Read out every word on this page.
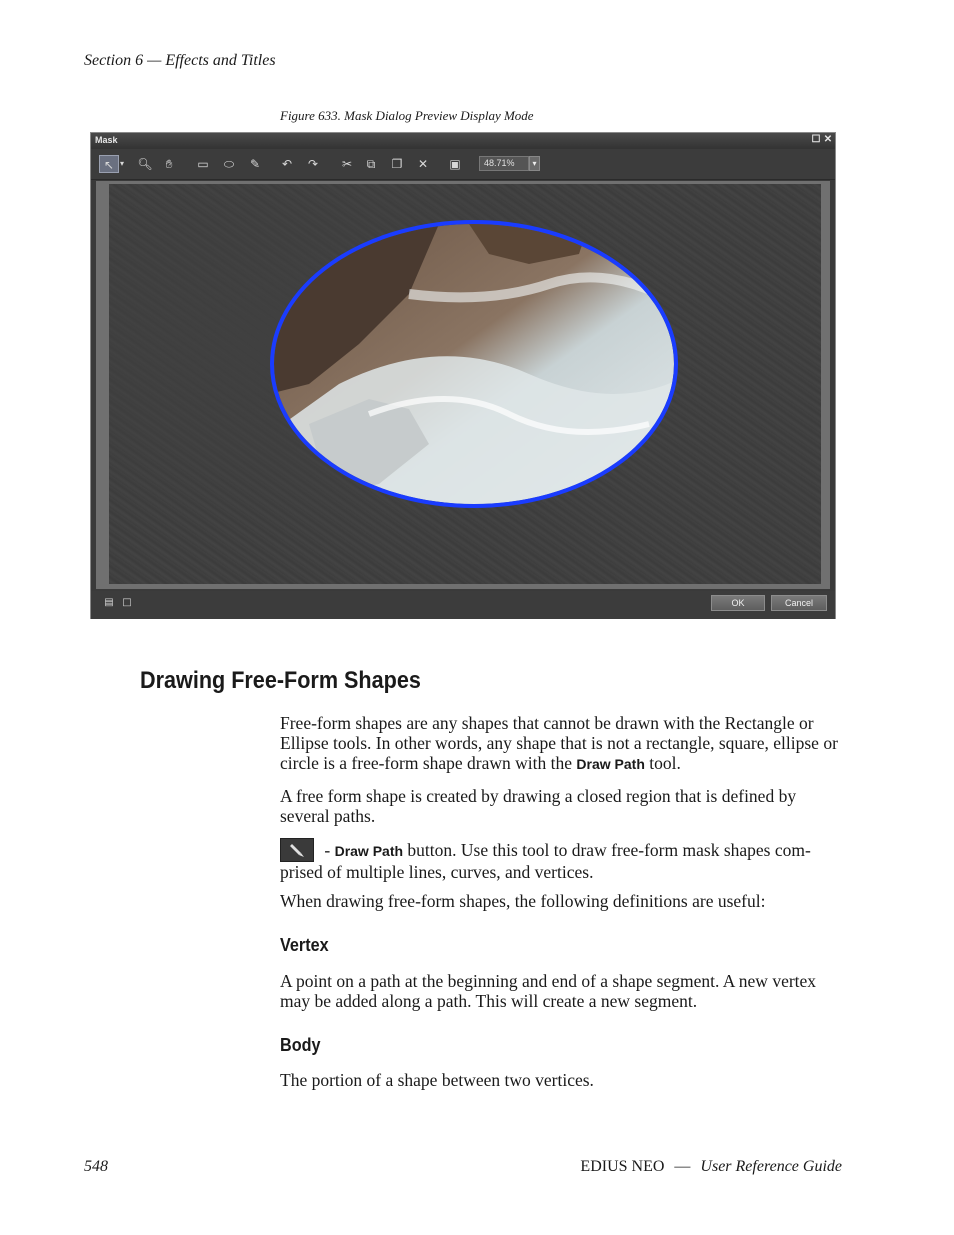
Section 6 — Effects and Titles
Figure 633. Mask Dialog Preview Display Mode
Mask	☐ ✕
↖ ▾ 🔍︎	✋︎	▭	⬭	✎	↶	↷	✂	⧉	❐	✕	▣	48.71%	▾
▤ □	OK	Cancel
Drawing Free-Form Shapes

Free-form shapes are any shapes that cannot be drawn with the Rectangle or Ellipse tools. In other words, any shape that is not a rectangle, square, ellipse or circle is a free-form shape drawn with the Draw Path tool.

A free form shape is created by drawing a closed region that is defined by several paths.

- Draw Path button. Use this tool to draw free-form mask shapes com-prised of multiple lines, curves, and vertices.

When drawing free-form shapes, the following definitions are useful:

Vertex

A point on a path at the beginning and end of a shape segment. A new vertex may be added along a path. This will create a new segment.

Body

The portion of a shape between two vertices.

548	EDIUS NEO — User Reference Guide
